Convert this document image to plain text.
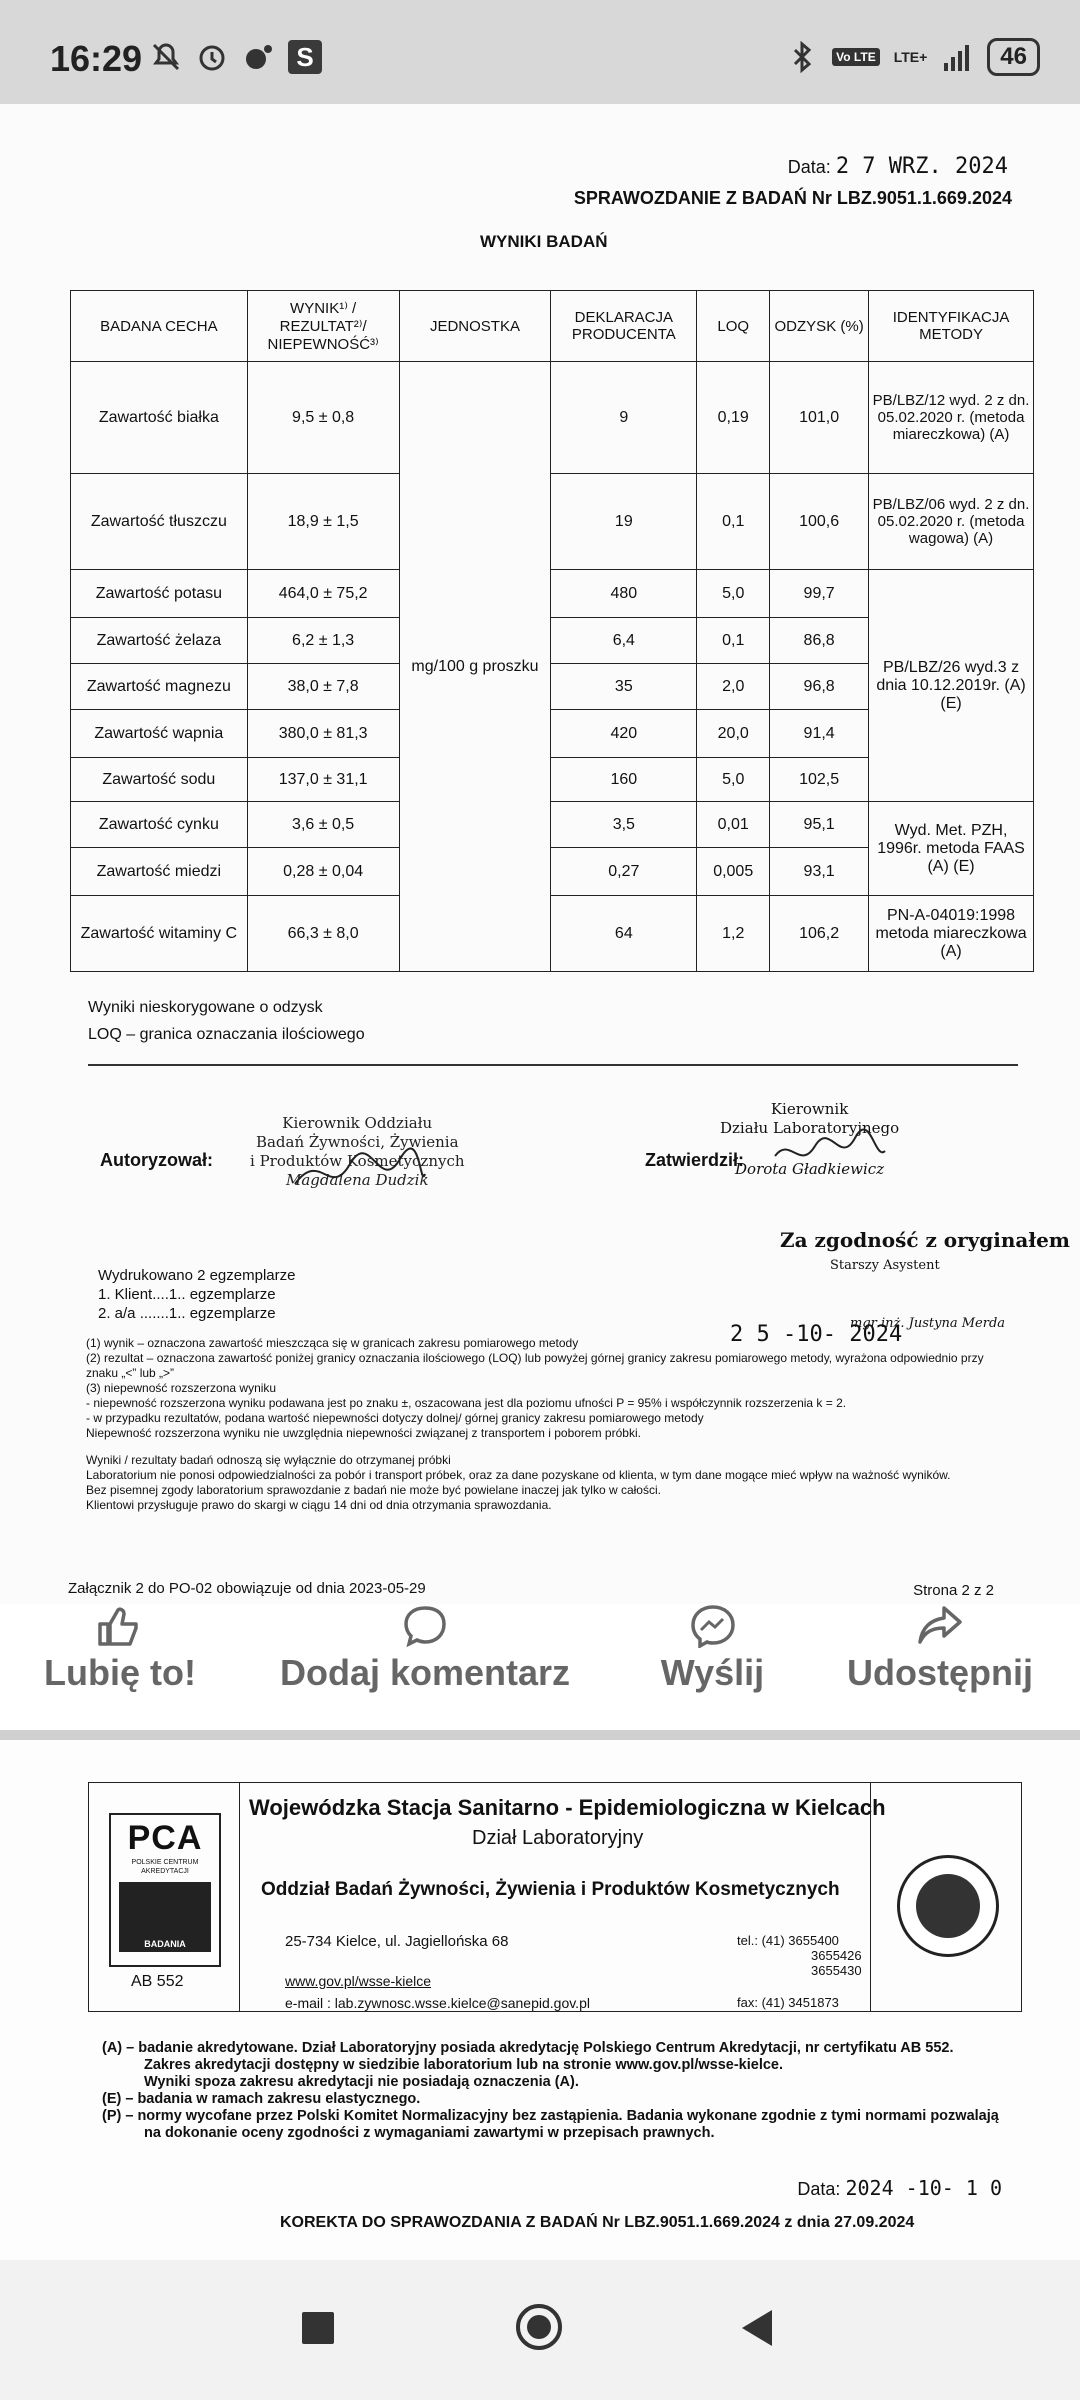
16:29	S	Vo LTE LTE+	46
Data: 2 7 WRZ. 2024
SPRAWOZDANIE Z BADAŃ Nr LBZ.9051.1.669.2024
WYNIKI BADAŃ
BADANA CECHA	WYNIK¹⁾ / REZULTAT²⁾/ NIEPEWNOŚĆ³⁾	JEDNOSTKA	DEKLARACJA PRODUCENTA	LOQ	ODZYSK (%)	IDENTYFIKACJA METODY
Zawartość białka	9,5 ± 0,8	mg/100 g proszku	9	0,19	101,0	PB/LBZ/12 wyd. 2 z dn. 05.02.2020 r. (metoda miareczkowa) (A)
Zawartość tłuszczu	18,9 ± 1,5		19	0,1	100,6	PB/LBZ/06 wyd. 2 z dn. 05.02.2020 r. (metoda wagowa) (A)
Zawartość potasu	464,0 ± 75,2		480	5,0	99,7	PB/LBZ/26 wyd.3 z dnia 10.12.2019r. (A) (E)
Zawartość żelaza	6,2 ± 1,3		6,4	0,1	86,8	
Zawartość magnezu	38,0 ± 7,8		35	2,0	96,8	
Zawartość wapnia	380,0 ± 81,3		420	20,0	91,4	
Zawartość sodu	137,0 ± 31,1		160	5,0	102,5	
Zawartość cynku	3,6 ± 0,5		3,5	0,01	95,1	Wyd. Met. PZH, 1996r. metoda FAAS (A) (E)
Zawartość miedzi	0,28 ± 0,04		0,27	0,005	93,1	
Zawartość witaminy C	66,3 ± 8,0		64	1,2	106,2	PN-A-04019:1998 metoda miareczkowa (A)
Wyniki nieskorygowane o odzysk
LOQ – granica oznaczania ilościowego
Autoryzował:
Kierownik Oddziału
Badań Żywności, Żywienia
i Produktów Kosmetycznych
Magdalena Dudzik
Zatwierdził:
Kierownik
Działu Laboratoryjnego
Dorota Gładkiewicz
Za zgodność z oryginałem
Starszy Asystent
2 5 -10- 2024
mgr inż. Justyna Merda
Wydrukowano 2 egzemplarze
1. Klient....1.. egzemplarze
2. a/a .......1.. egzemplarze
(1) wynik – oznaczona zawartość mieszcząca się w granicach zakresu pomiarowego metody
(2) rezultat – oznaczona zawartość poniżej granicy oznaczania ilościowego (LOQ) lub powyżej górnej granicy zakresu pomiarowego metody, wyrażona odpowiednio przy znaku „<” lub „>”
(3) niepewność rozszerzona wyniku
- niepewność rozszerzona wyniku podawana jest po znaku ±, oszacowana jest dla poziomu ufności P = 95% i współczynnik rozszerzenia k = 2.
- w przypadku rezultatów, podana wartość niepewności dotyczy dolnej/ górnej granicy zakresu pomiarowego metody
Niepewność rozszerzona wyniku nie uwzględnia niepewności związanej z transportem i poborem próbki.
Wyniki / rezultaty badań odnoszą się wyłącznie do otrzymanej próbki
Laboratorium nie ponosi odpowiedzialności za pobór i transport próbek, oraz za dane pozyskane od klienta, w tym dane mogące mieć wpływ na ważność wyników.
Bez pisemnej zgody laboratorium sprawozdanie z badań nie może być powielane inaczej jak tylko w całości.
Klientowi przysługuje prawo do skargi w ciągu 14 dni od dnia otrzymania sprawozdania.
Załącznik 2 do PO-02 obowiązuje od dnia 2023-05-29	Strona 2 z 2
Lubię to! Dodaj komentarz	Wyślij	Udostępnij
PCA
POLSKIE CENTRUM AKREDYTACJI
BADANIA
AB 552
Wojewódzka Stacja Sanitarno - Epidemiologiczna w Kielcach
Dział Laboratoryjny
Oddział Badań Żywności, Żywienia i Produktów Kosmetycznych
25-734 Kielce, ul. Jagiellońska 68
www.gov.pl/wsse-kielce
e-mail : lab.zywnosc.wsse.kielce@sanepid.gov.pl
tel.: (41) 3655400
3655426
3655430
fax: (41) 3451873
(A) – badanie akredytowane. Dział Laboratoryjny posiada akredytację Polskiego Centrum Akredytacji, nr certyfikatu AB 552.
Zakres akredytacji dostępny w siedzibie laboratorium lub na stronie www.gov.pl/wsse-kielce.
Wyniki spoza zakresu akredytacji nie posiadają oznaczenia (A).
(E) – badania w ramach zakresu elastycznego.
(P) – normy wycofane przez Polski Komitet Normalizacyjny bez zastąpienia. Badania wykonane zgodnie z tymi normami pozwalają
na dokonanie oceny zgodności z wymaganiami zawartymi w przepisach prawnych.
Data: 2024 -10- 1 0
KOREKTA DO SPRAWOZDANIA Z BADAŃ Nr LBZ.9051.1.669.2024 z dnia 27.09.2024
